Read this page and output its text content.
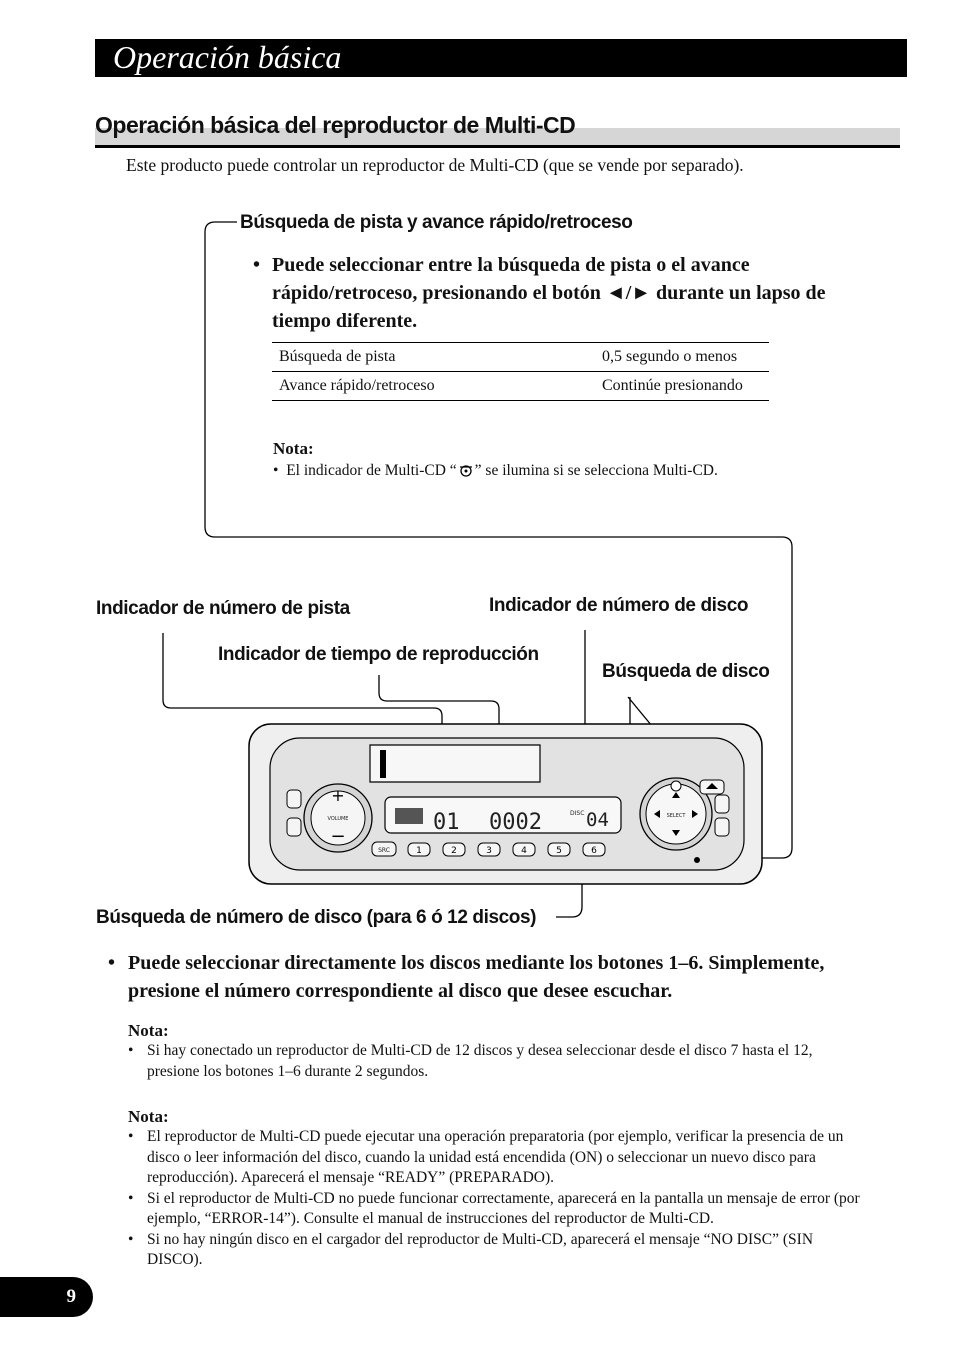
Operación básica
Operación básica del reproductor de Multi-CD
Este producto puede controlar un reproductor de Multi-CD (que se vende por separado).
+
−
01 0002 04
DISC
VOLUME	SELECT
SRC	1	2	3	4	5	6
Búsqueda de pista y avance rápido/retroceso
• Puede seleccionar entre la búsqueda de pista o el avance rápido/retroceso, presionando el botón ◄/► durante un lapso de tiempo diferente.
Búsqueda de pista	0,5 segundo o menos
Avance rápido/retroceso	Continúe presionando
Nota:
•  El indicador de Multi-CD “ ” se ilumina si se selecciona Multi-CD.
Indicador de número de pista	Indicador de número de disco
Indicador de tiempo de reproducción
Búsqueda de disco
Búsqueda de número de disco (para 6 ó 12 discos)
• Puede seleccionar directamente los discos mediante los botones 1–6. Simplemente, presione el número correspondiente al disco que desee escuchar.
Nota:
• Si hay conectado un reproductor de Multi-CD de 12 discos y desea seleccionar desde el disco 7 hasta el 12, presione los botones 1–6 durante 2 segundos.
Nota:
• El reproductor de Multi-CD puede ejecutar una operación preparatoria (por ejemplo, verificar la presencia de un disco o leer información del disco, cuando la unidad está encendida (ON) o seleccionar un nuevo disco para reproducción). Aparecerá el mensaje “READY” (PREPARADO).
• Si el reproductor de Multi-CD no puede funcionar correctamente, aparecerá en la pantalla un mensaje de error (por ejemplo, “ERROR-14”). Consulte el manual de instrucciones del reproductor de Multi-CD.
• Si no hay ningún disco en el cargador del reproductor de Multi-CD, aparecerá el mensaje “NO DISC” (SIN DISCO).
9
